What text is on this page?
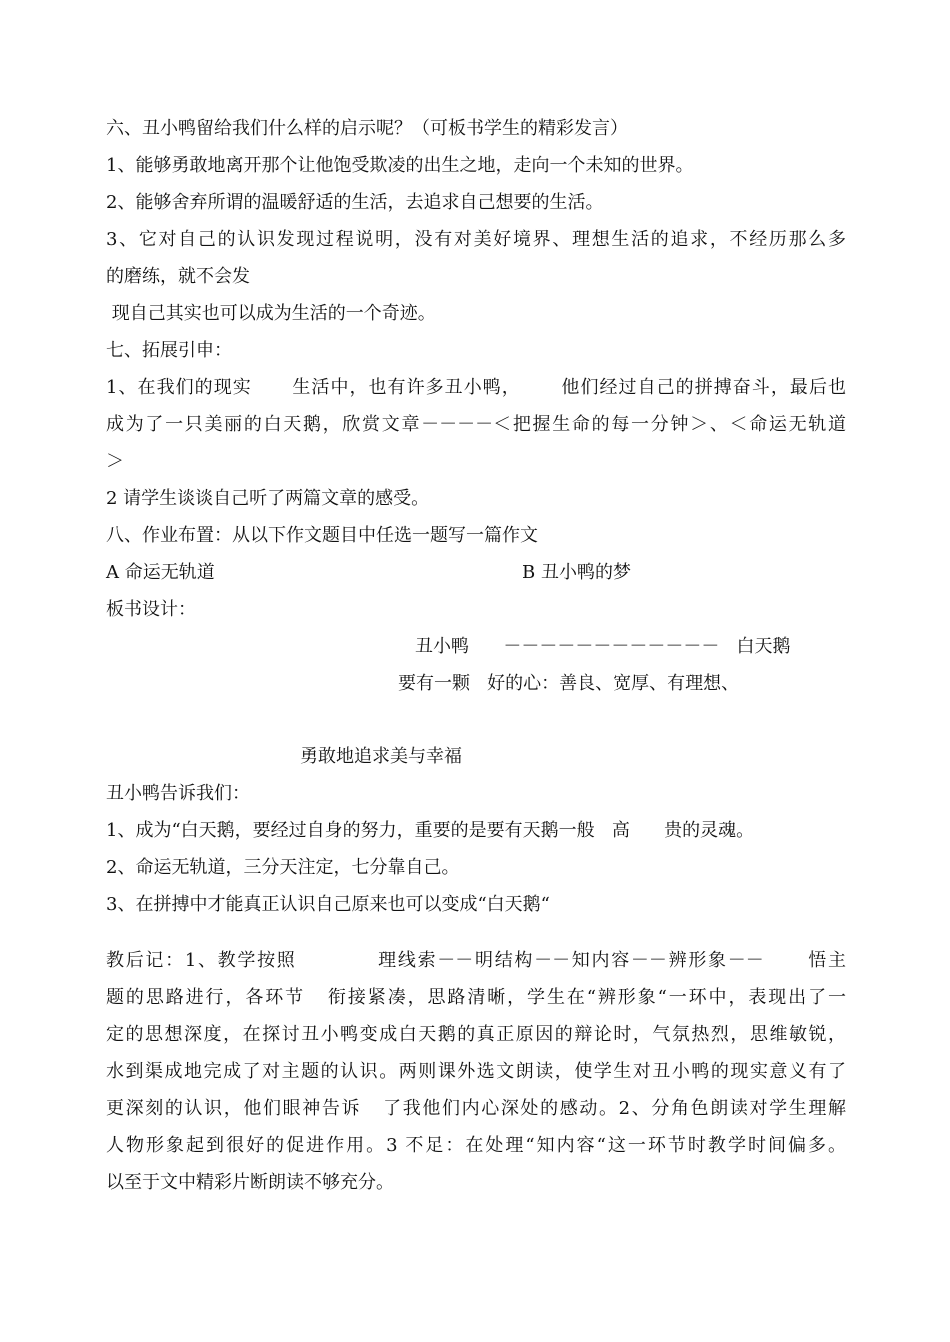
六、丑小鸭留给我们什么样的启示呢？（可板书学生的精彩发言）
1、能够勇敢地离开那个让他饱受欺凌的出生之地，走向一个未知的世界。
2、能够舍弃所谓的温暖舒适的生活，去追求自己想要的生活。
3、它对自己的认识发现过程说明，没有对美好境界、理想生活的追求，不经历那么多
的磨练，就不会发
现自己其实也可以成为生活的一个奇迹。
七、拓展引申：
1、在我们的现实      生活中，也有许多丑小鸭，      他们经过自己的拼搏奋斗，最后也
成为了一只美丽的白天鹅，欣赏文章－－－－＜把握生命的每一分钟＞、＜命运无轨道
＞
2 请学生谈谈自己听了两篇文章的感受。
八、作业布置：从以下作文题目中任选一题写一篇作文
A 命运无轨道	B 丑小鸭的梦
板书设计：
丑小鸭      －－－－－－－－－－－－   白天鹅
要有一颗   好的心：善良、宽厚、有理想、
勇敢地追求美与幸福
丑小鸭告诉我们：
1、成为“白天鹅，要经过自身的努力，重要的是要有天鹅一般   高      贵的灵魂。
2、命运无轨道，三分天注定，七分靠自己。
3、在拼搏中才能真正认识自己原来也可以变成“白天鹅“
教后记：1、教学按照           理线索－－明结构－－知内容－－辨形象－－      悟主
题的思路进行，各环节   衔接紧凑，思路清晰，学生在“辨形象“一环中，表现出了一
定的思想深度，在探讨丑小鸭变成白天鹅的真正原因的辩论时，气氛热烈，思维敏锐，
水到渠成地完成了对主题的认识。两则课外选文朗读，使学生对丑小鸭的现实意义有了
更深刻的认识，他们眼神告诉   了我他们内心深处的感动。2、分角色朗读对学生理解
人物形象起到很好的促进作用。3 不足：在处理“知内容“这一环节时教学时间偏多。
以至于文中精彩片断朗读不够充分。
